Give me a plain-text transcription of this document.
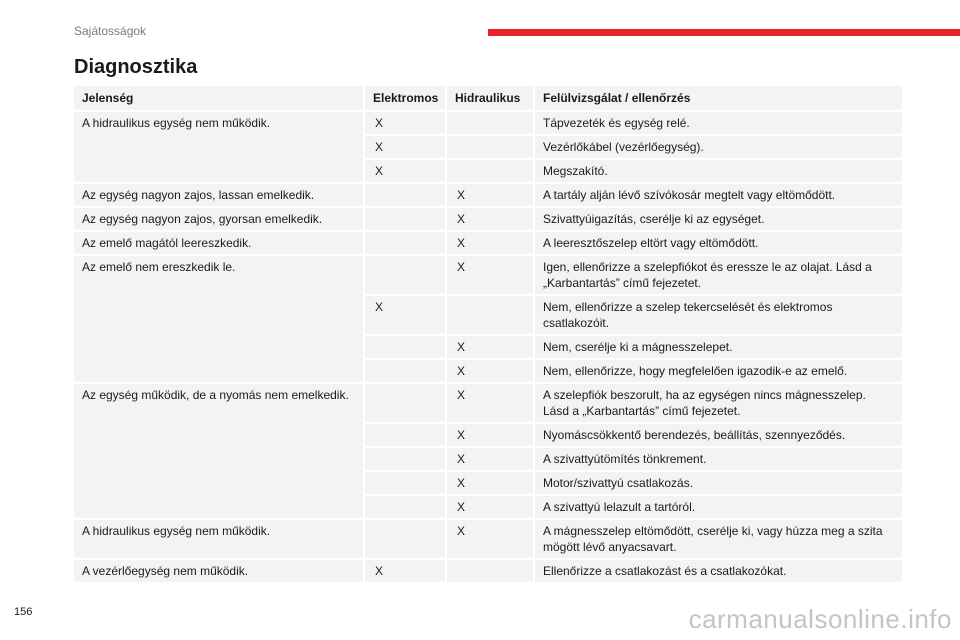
Sajátosságok
Diagnosztika
Jelenség	Elektromos	Hidraulikus	Felülvizsgálat / ellenőrzés
A hidraulikus egység nem működik.	X		Tápvezeték és egység relé.
	X		Vezérlőkábel (vezérlőegység).
	X		Megszakító.
Az egység nagyon zajos, lassan emelkedik.		X	A tartály alján lévő szívókosár megtelt vagy eltömődött.
Az egység nagyon zajos, gyorsan emelkedik.		X	Szivattyúigazítás, cserélje ki az egységet.
Az emelő magától leereszkedik.		X	A leeresztőszelep eltört vagy eltömődött.
Az emelő nem ereszkedik le.		X	Igen, ellenőrizze a szelepfiókot és eressze le az olajat. Lásd a „Karbantartás” című fejezetet.
	X		Nem, ellenőrizze a szelep tekercselését és elektromos csatlakozóit.
		X	Nem, cserélje ki a mágnesszelepet.
		X	Nem, ellenőrizze, hogy megfelelően igazodik-e az emelő.
Az egység működik, de a nyomás nem emelkedik.		X	A szelepfiók beszorult, ha az egységen nincs mágnesszelep. Lásd a „Karbantartás” című fejezetet.
		X	Nyomáscsökkentő berendezés, beállítás, szennyeződés.
		X	A szivattyútömítés tönkrement.
		X	Motor/szivattyú csatlakozás.
		X	A szivattyú lelazult a tartóról.
A hidraulikus egység nem működik.		X	A mágnesszelep eltömődött, cserélje ki, vagy húzza meg a szita mögött lévő anyacsavart.
A vezérlőegység nem működik.	X		Ellenőrizze a csatlakozást és a csatlakozókat.
156	carmanualsonline.info
